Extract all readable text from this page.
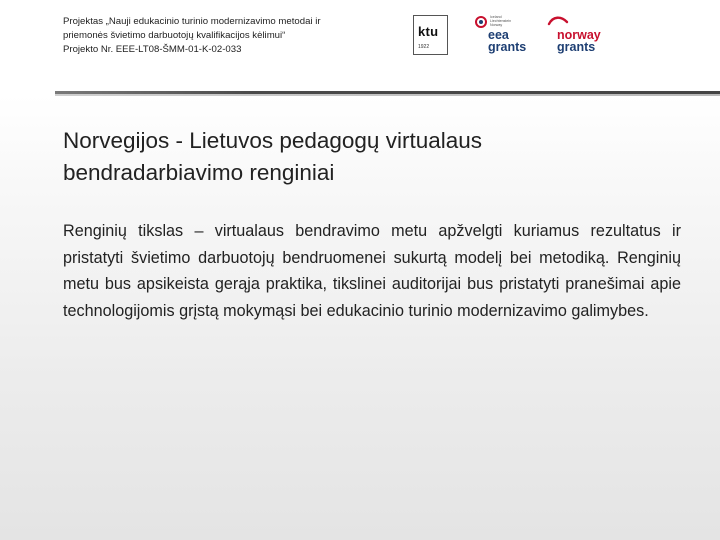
Projektas „Nauji edukacinio turinio modernizavimo metodai ir
priemonės švietimo darbuotojų kvalifikacijos kėlimui“
Projekto Nr. EEE-LT08-ŠMM-01-K-02-033
ktu
1922
Iceland
Liechtenstein
Norway
eea
grants
norway
grants
Norvegijos - Lietuvos pedagogų virtualaus
bendradarbiavimo renginiai
Renginių tikslas – virtualaus bendravimo metu apžvelgti kuriamus rezultatus ir pristatyti švietimo darbuotojų bendruomenei sukurtą modelį bei metodiką. Renginių metu bus apsikeista gerąja praktika, tikslinei auditorijai bus pristatyti pranešimai apie technologijomis grįstą mokymąsi bei edukacinio turinio modernizavimo galimybes.
